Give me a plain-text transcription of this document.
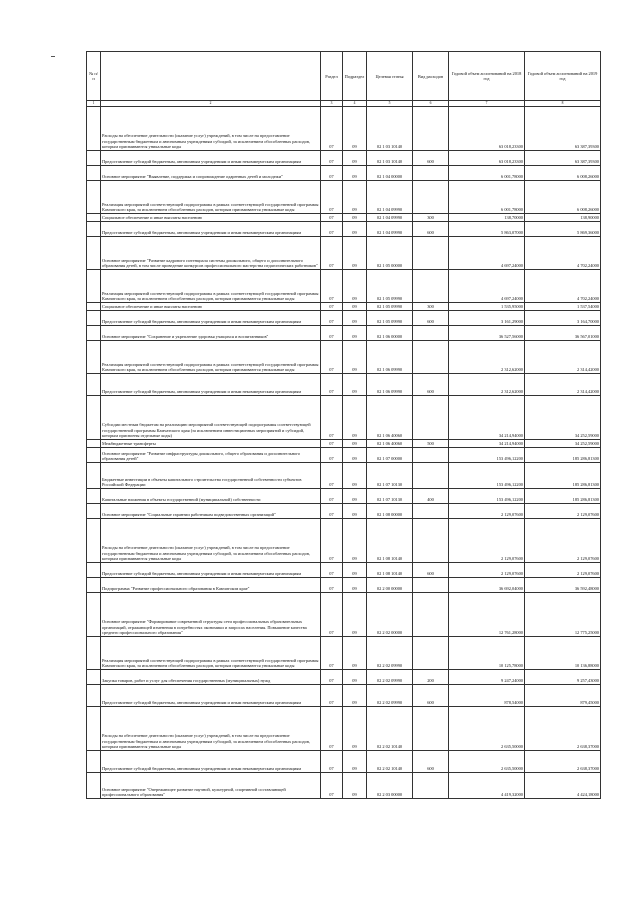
№ п/п		Раздел	Подраздел	Целевая статья	Вид расходов	Годовой объем ассигнований на 2018 год	Годовой объем ассигнований на 2019 год
1	2	3	4	5	6	7	8
	Расходы на обеспечение деятельности (оказание услуг) учреждений, в том числе на предоставление государственным бюджетным и автономным учреждениям субсидий, за исключением обособленных расходов, которым присваиваются уникальные коды	07	09	02 1 03 10140		63 018,23300	63 387,39300
	Предоставление субсидий бюджетным, автономным учреждениям и иным некоммерческим организациям	07	09	02 1 03 10140	600	63 018,23300	63 387,39300
	Основное мероприятие "Выявление, поддержка и сопровождение одаренных детей и молодежи"	07	09	02 1 04 00000		6 001,78000	6 008,26000
	Реализация мероприятий соответствующей подпрограммы в рамках соответствующей государственной программы Камчатского края, за исключением обособленных расходов, которым присваиваются уникальные коды	07	09	02 1 04 09990		6 001,78000	6 008,26000
	Социальное обеспечение и иные выплаты населению	07	09	02 1 04 09990	300	138,70000	138,90000
	Предоставление субсидий бюджетным, автономным учреждениям и иным некоммерческим организациям	07	09	02 1 04 09990	600	5 863,07000	5 869,36000
	Основное мероприятие "Развитие кадрового потенциала системы дошкольного, общего и дополнительного образования детей, в том числе проведение конкурсов профессионального мастерства педагогических работников"	07	09	02 1 05 00000		4 697,24000	4 702,24000
	Реализация мероприятий соответствующей подпрограммы в рамках соответствующей государственной программы Камчатского края, за исключением обособленных расходов, которым присваиваются уникальные коды	07	09	02 1 05 09990		4 697,24000	4 702,24000
	Социальное обеспечение и иные выплаты населению	07	09	02 1 05 09990	300	1 535,95000	1 537,54000
	Предоставление субсидий бюджетным, автономным учреждениям и иным некоммерческим организациям	07	09	02 1 05 09990	600	3 161,29000	3 164,70000
	Основное мероприятие "Сохранение и укрепление здоровья учащихся и воспитанников"	07	09	02 1 06 00000		36 527,56000	36 567,01000
	Реализация мероприятий соответствующей подпрограммы в рамках соответствующей государственной программы Камчатского края, за исключением обособленных расходов, которым присваиваются уникальные коды	07	09	02 1 06 09990		2 312,62000	2 314,42000
	Предоставление субсидий бюджетным, автономным учреждениям и иным некоммерческим организациям	07	09	02 1 06 09990	600	2 312,62000	2 314,42000
	Субсидии местным бюджетам на реализацию мероприятий соответствующей подпрограммы соответствующей государственной программы Камчатского края (за исключением инвестиционных мероприятий и субсидий, которым присвоены отдельные коды)	07	09	02 1 06 40060		34 214,94000	34 252,59000
	Межбюджетные трансферты	07	09	02 1 06 40060	500	34 214,94000	34 252,59000
	Основное мероприятие "Развитие инфраструктуры дошкольного, общего образования и дополнительного образования детей"	07	09	02 1 07 00000		153 496,12200	185 286,81300
	Бюджетные инвестиции в объекты капитального строительства государственной собственности субъектов Российской Федерации	07	09	02 1 07 10130		153 496,12200	185 286,81300
	Капитальные вложения в объекты государственной (муниципальной) собственности	07	09	02 1 07 10130	400	153 496,12200	185 286,81300
	Основное мероприятие "Социальные гарантии работникам подведомственных организаций"	07	09	02 1 08 00000		2 129,07600	2 129,07600
	Расходы на обеспечение деятельности (оказание услуг) учреждений, в том числе на предоставление государственным бюджетным и автономным учреждениям субсидий, за исключением обособленных расходов, которым присваиваются уникальные коды	07	09	02 1 08 10140		2 129,07600	2 129,07600
	Предоставление субсидий бюджетным, автономным учреждениям и иным некоммерческим организациям	07	09	02 1 08 10140	600	2 129,07600	2 129,07600
	Подпрограмма "Развитие профессионального образования в Камчатском крае"	07	09	02 2 00 00000		36 692,04000	36 592,48000
	Основное мероприятие "Формирование современной структуры сети профессиональных образовательных организаций, отражающей изменения в потребностях экономики и запросах населения. Повышение качества среднего профессионального образования"	07	09	02 2 02 00000		12 761,28000	12 775,25000
	Реализация мероприятий соответствующей подпрограммы в рамках соответствующей государственной программы Камчатского края, за исключением обособленных расходов, которым присваиваются уникальные коды	07	09	02 2 02 09990		10 125,78000	10 136,88000
	Закупка товаров, работ и услуг для обеспечения государственных (муниципальных) нужд	07	09	02 2 02 09990	200	9 247,24000	9 257,43000
	Предоставление субсидий бюджетным, автономным учреждениям и иным некоммерческим организациям	07	09	02 2 02 09990	600	878,54000	879,45000
	Расходы на обеспечение деятельности (оказание услуг) учреждений, в том числе на предоставление государственным бюджетным и автономным учреждениям субсидий, за исключением обособленных расходов, которым присваиваются уникальные коды	07	09	02 2 02 10140		2 635,50000	2 638,37000
	Предоставление субсидий бюджетным, автономным учреждениям и иным некоммерческим организациям	07	09	02 2 02 10140	600	2 635,50000	2 638,37000
	Основное мероприятие "Опережающее развитие научной, культурной, спортивной составляющей профессионального образования"	07	09	02 2 03 00000		4 419,32000	4 424,18000
